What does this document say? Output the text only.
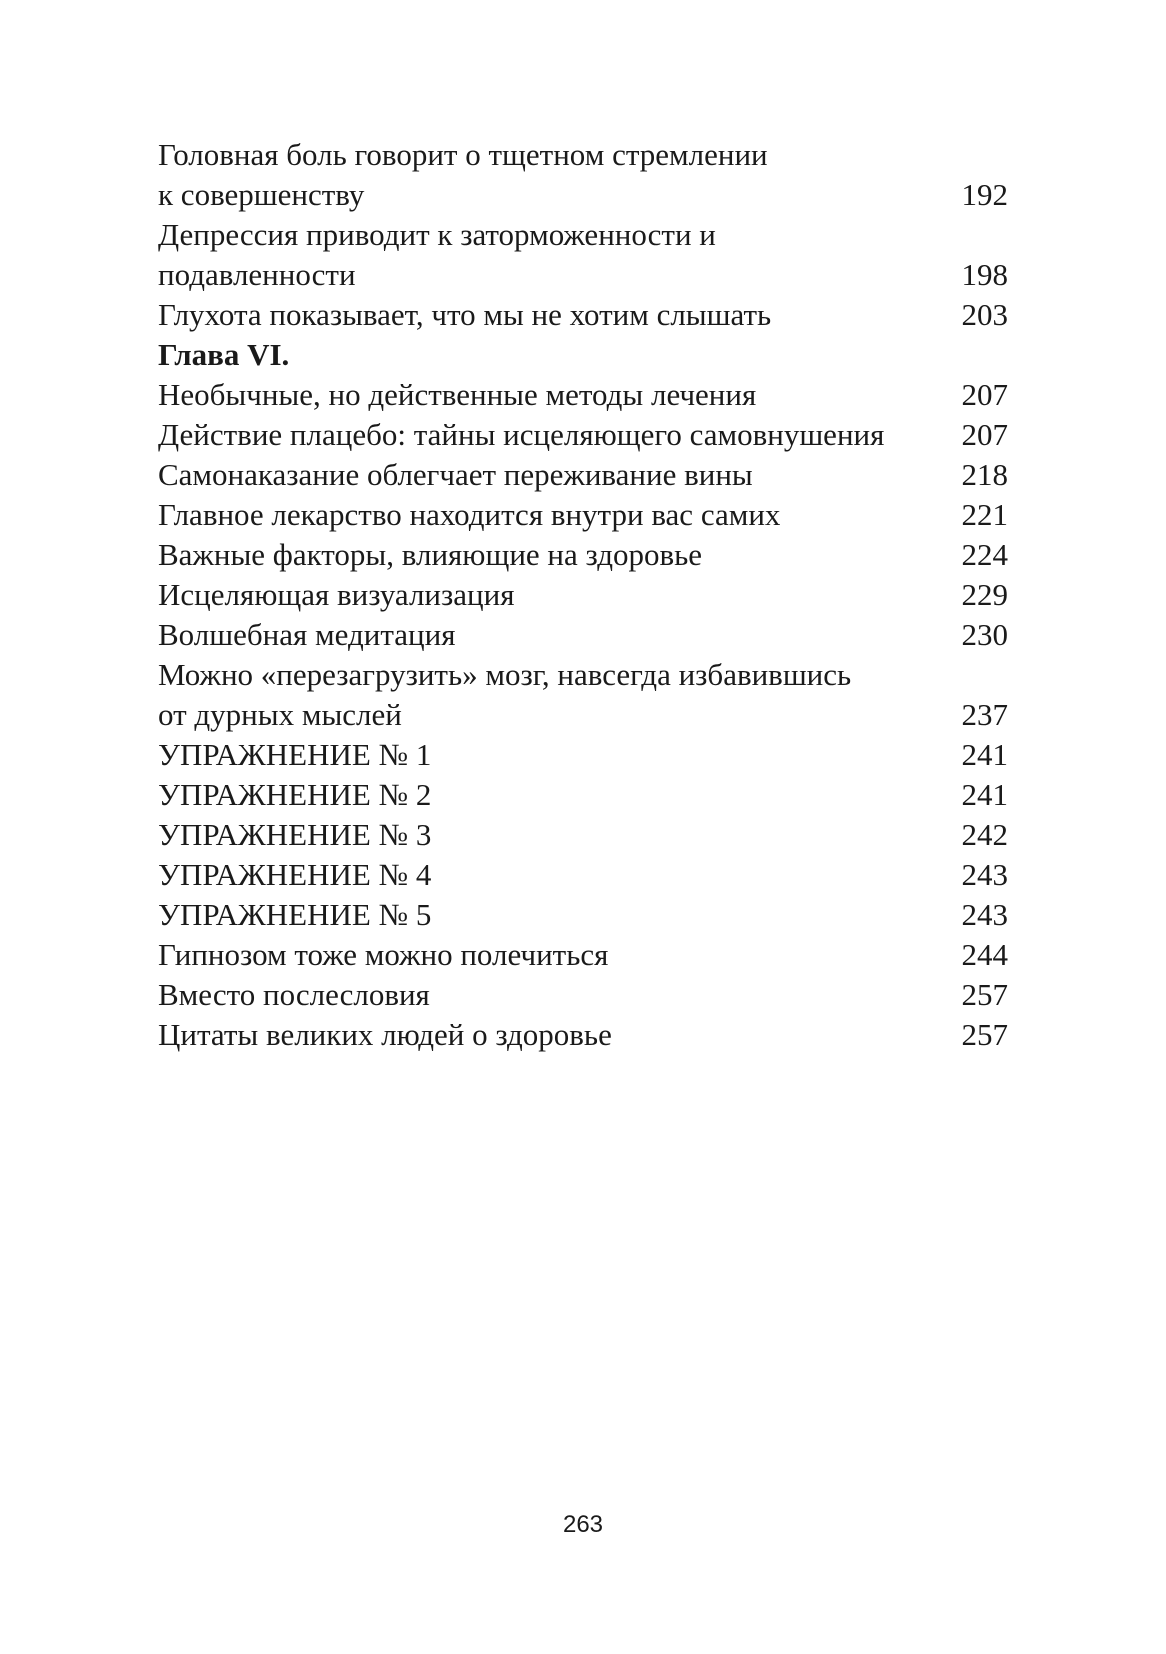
Головная боль говорит о тщетном стремлении
к совершенству	192
Депрессия приводит к заторможенности и
подавленности	198
Глухота показывает, что мы не хотим слышать	203
Глава VI.
Необычные, но действенные методы лечения	207
Действие плацебо: тайны исцеляющего самовнушения	207
Самонаказание облегчает переживание вины	218
Главное лекарство находится внутри вас самих	221
Важные факторы, влияющие на здоровье	224
Исцеляющая визуализация	229
Волшебная медитация	230
Можно «перезагрузить» мозг, навсегда избавившись
от дурных мыслей	237
УПРАЖНЕНИЕ № 1	241
УПРАЖНЕНИЕ № 2	241
УПРАЖНЕНИЕ № 3	242
УПРАЖНЕНИЕ № 4	243
УПРАЖНЕНИЕ № 5	243
Гипнозом тоже можно полечиться	244
Вместо послесловия	257
Цитаты великих людей о здоровье	257
263
